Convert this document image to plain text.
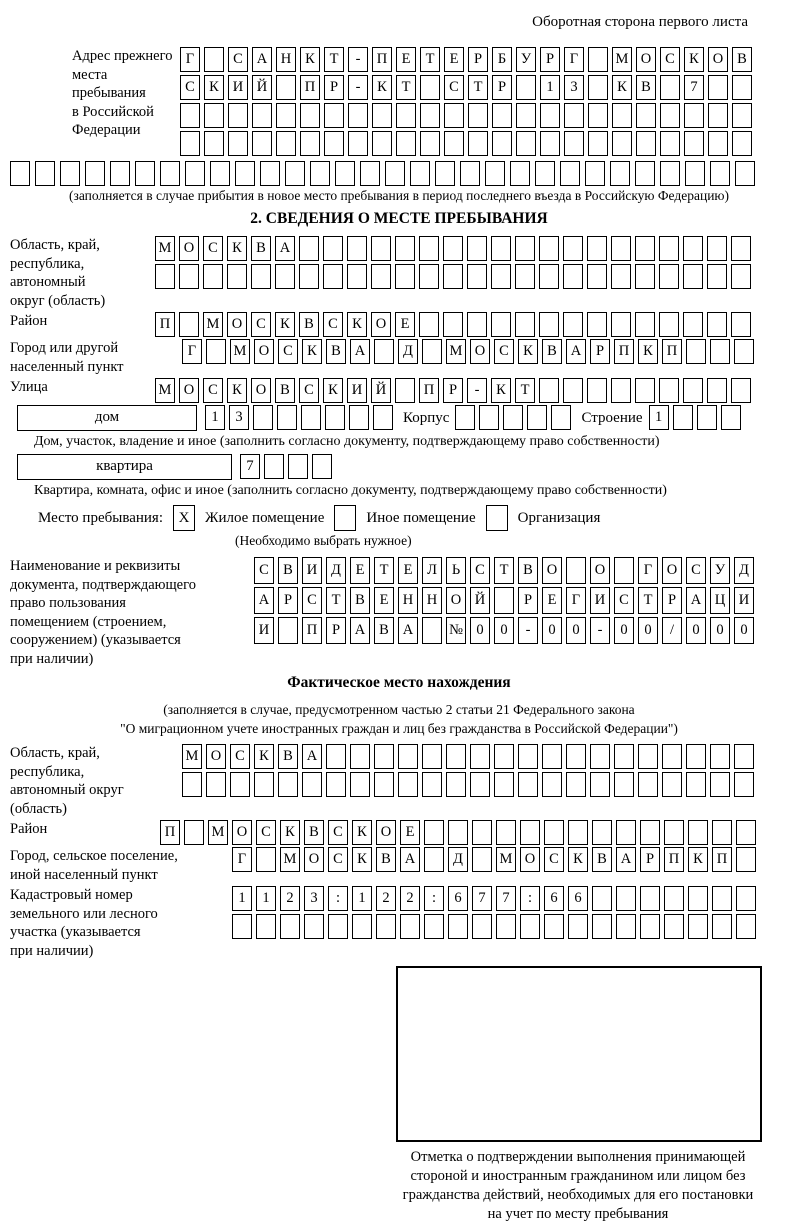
Оборотная сторона первого листа
Адрес прежнего
места пребывания
в Российской
Федерации
Г	С А Н К Т - П Е Т Е Р Б У Р Г	М О С К О В
С К И Й	П Р - К Т	С Т Р	1 3	К В	7
(заполняется в случае прибытия в новое место пребывания в период последнего въезда в Российскую Федерацию)
2. СВЕДЕНИЯ О МЕСТЕ ПРЕБЫВАНИЯ
Область, край,
республика,
автономный
округ (область)
М О С К В А
Район	П	М О С К В С К О Е
Город или другой
населенный пункт
Г	М О С К В А	Д	М О С К В А Р П К П
Улица	М О С К О В С К И Й	П Р - К Т
дом	1 3	Корпус	Строение 1
Дом, участок, владение и иное (заполнить согласно документу, подтверждающему право собственности)
квартира	7
Квартира, комната, офис и иное (заполнить согласно документу, подтверждающему право собственности)
Место пребывания:	X	Жилое помещение	Иное помещение	Организация
(Необходимо выбрать нужное)
Наименование и реквизиты
документа, подтверждающего
право пользования
помещением (строением,
сооружением) (указывается
при наличии)
С В И Д Е Т Е Л Ь С Т В О	О	Г О С У Д
А Р С Т В Е Н Н О Й	Р Е Г И С Т Р А Ц И
И	П Р А В А № 0 0 - 0 0 - 0 0 / 0 0 0
Фактическое место нахождения
(заполняется в случае, предусмотренном частью 2 статьи 21 Федерального закона
"О миграционном учете иностранных граждан и лиц без гражданства в Российской Федерации")
Область, край,
республика,
автономный округ
(область)
М О С К В А
Район	П	М О С К В С К О Е
Город, сельское поселение,
иной населенный пункт
Г	М О С К В А	Д	М О С К В А Р П К П
Кадастровый номер
земельного или лесного
участка (указывается
при наличии)
1 1 2 3 : 1 2 2 : 6 7 7 : 6 6
Отметка о подтверждении выполнения принимающей
стороной и иностранным гражданином или лицом без
гражданства действий, необходимых для его постановки
на учет по месту пребывания
